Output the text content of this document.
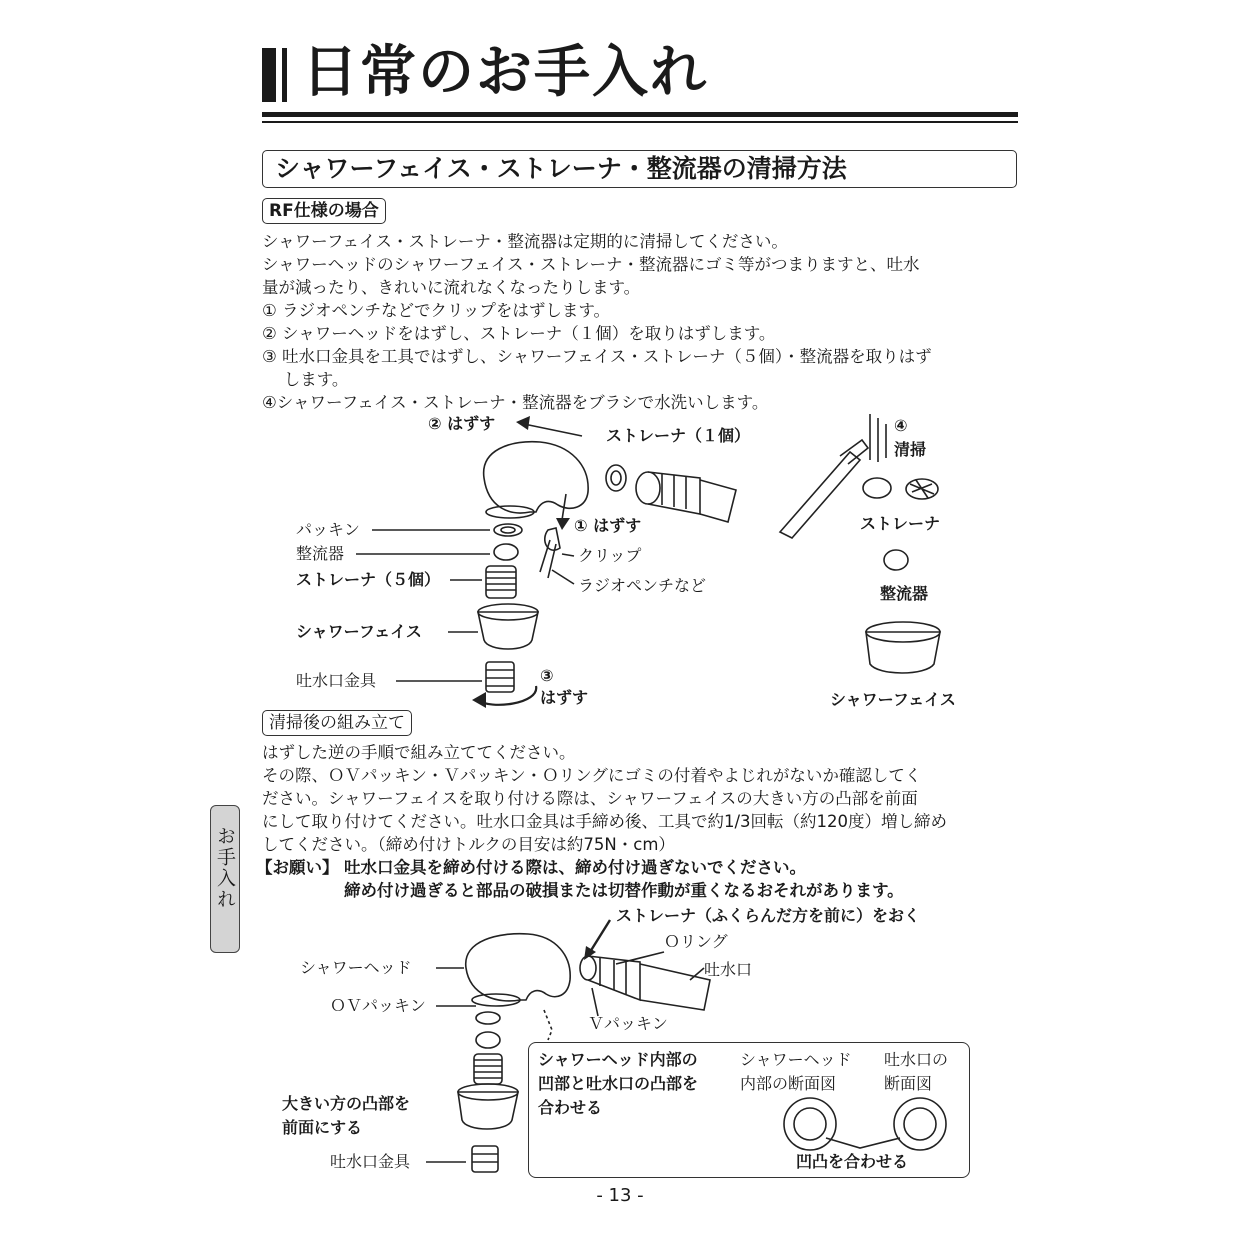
日常のお手入れ
シャワーフェイス・ストレーナ・整流器の清掃方法
RF仕様の場合
シャワーフェイス・ストレーナ・整流器は定期的に清掃してください。
シャワーヘッドのシャワーフェイス・ストレーナ・整流器にゴミ等がつまりますと、吐水
量が減ったり、きれいに流れなくなったりします。
① ラジオペンチなどでクリップをはずします。
② シャワーヘッドをはずし、ストレーナ（１個）を取りはずします。
③ 吐水口金具を工具ではずし、シャワーフェイス・ストレーナ（５個）・整流器を取りはず
　 します。
④シャワーフェイス・ストレーナ・整流器をブラシで水洗いします。
② はずす
ストレーナ（１個）
① はずす
クリップ
ラジオペンチなど
パッキン
整流器
ストレーナ（５個）
シャワーフェイス
吐水口金具	③
はずす
④
清掃
ストレーナ
整流器
シャワーフェイス
清掃後の組み立て
はずした逆の手順で組み立ててください。
その際、ＯＶパッキン・Ｖパッキン・Ｏリングにゴミの付着やよじれがないか確認してく
ださい。シャワーフェイスを取り付ける際は、シャワーフェイスの大きい方の凸部を前面
にして取り付けてください。吐水口金具は手締め後、工具で約1/3回転（約120度）増し締め
してください。（締め付けトルクの目安は約75N・cm）
【お願い】 吐水口金具を締め付ける際は、締め付け過ぎないでください。
締め付け過ぎると部品の破損または切替作動が重くなるおそれがあります。
お手入れ
ストレーナ（ふくらんだ方を前に）をおく
Ｏリング
吐水口
シャワーヘッド
ＯＶパッキン
Ｖパッキン
大きい方の凸部を
前面にする
吐水口金具
シャワーヘッド内部の
凹部と吐水口の凸部を
合わせる
シャワーヘッド
内部の断面図
吐水口の
断面図
凹凸を合わせる
- 13 -
